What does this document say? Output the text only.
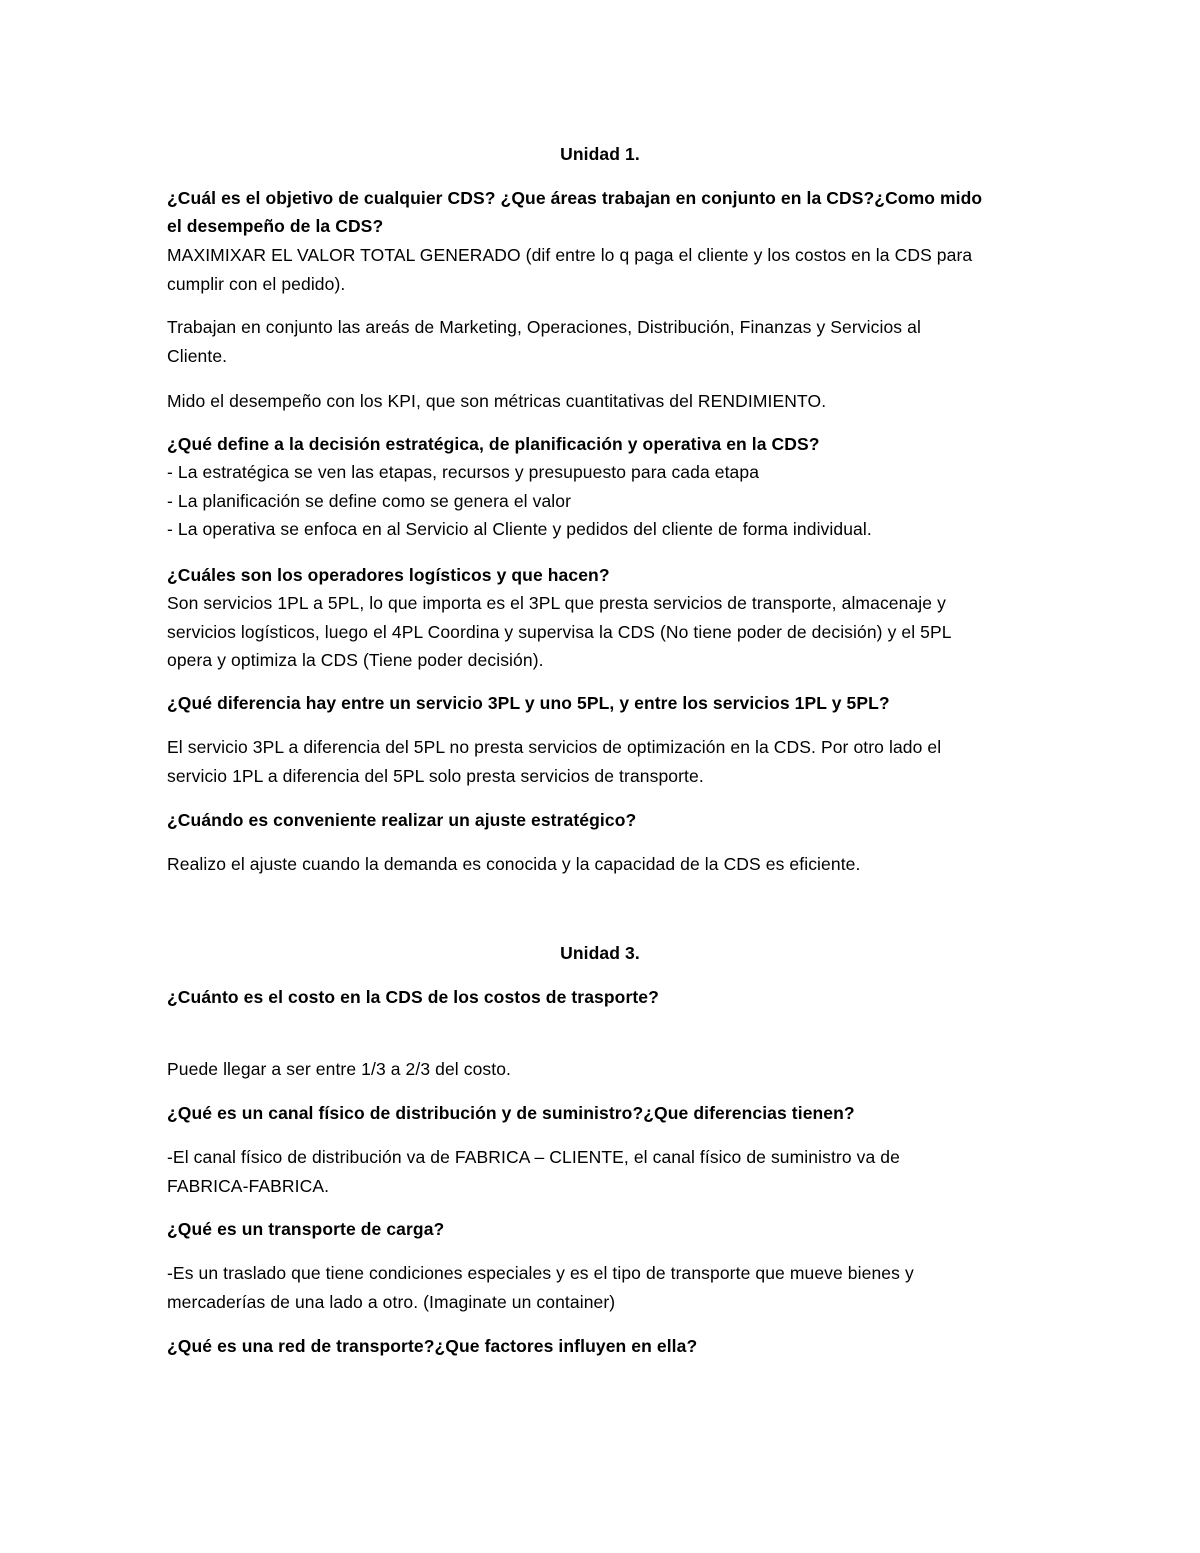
Unidad 1.
¿Cuál es el objetivo de cualquier CDS? ¿Que áreas trabajan en conjunto en la CDS?¿Como mido
el desempeño de la CDS?
MAXIMIXAR EL VALOR TOTAL GENERADO (dif entre lo q paga el cliente y los costos en la CDS para
cumplir con el pedido).
Trabajan en conjunto las areás de Marketing, Operaciones, Distribución, Finanzas y Servicios al
Cliente.
Mido el desempeño con los KPI, que son métricas cuantitativas del RENDIMIENTO.
¿Qué define a la decisión estratégica, de planificación y operativa en la CDS?
- La estratégica se ven las etapas, recursos y presupuesto para cada etapa
- La planificación se define como se genera el valor
- La operativa se enfoca en al Servicio al Cliente y pedidos del cliente de forma individual.
¿Cuáles son los operadores logísticos y que hacen?
Son servicios 1PL a 5PL, lo que importa es el 3PL que presta servicios de transporte, almacenaje y
servicios logísticos, luego el 4PL Coordina y supervisa la CDS (No tiene poder de decisión) y el 5PL
opera y optimiza la CDS (Tiene poder decisión).
¿Qué diferencia hay entre un servicio 3PL y uno 5PL, y entre los servicios 1PL y 5PL?
El servicio 3PL a diferencia del 5PL no presta servicios de optimización en la CDS. Por otro lado el
servicio 1PL a diferencia del 5PL solo presta servicios de transporte.
¿Cuándo es conveniente realizar un ajuste estratégico?
Realizo el ajuste cuando la demanda es conocida y la capacidad de la CDS es eficiente.
Unidad 3.
¿Cuánto es el costo en la CDS de los costos de trasporte?
Puede llegar a ser entre 1/3 a 2/3 del costo.
¿Qué es un canal físico de distribución y de suministro?¿Que diferencias tienen?
-El canal físico de distribución va de FABRICA – CLIENTE, el canal físico de suministro va de
FABRICA-FABRICA.
¿Qué es un transporte de carga?
-Es un traslado que tiene condiciones especiales y es el tipo de transporte que mueve bienes y
mercaderías de una lado a otro. (Imaginate un container)
¿Qué es una red de transporte?¿Que factores influyen en ella?
